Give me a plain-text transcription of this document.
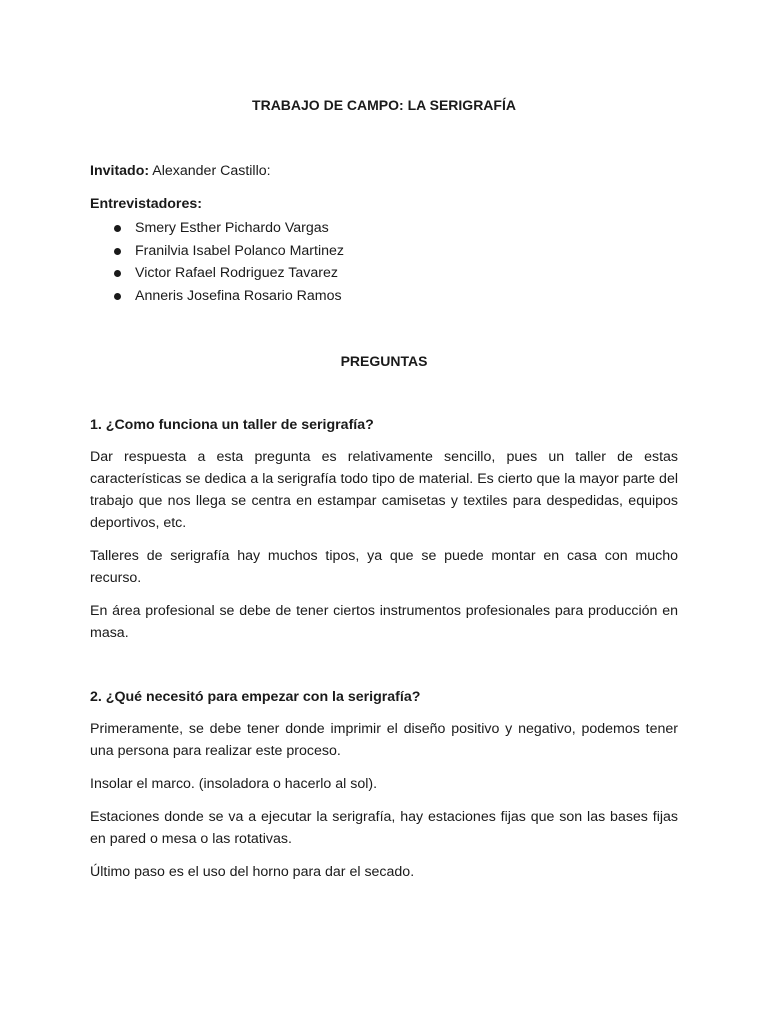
TRABAJO DE CAMPO: LA SERIGRAFÍA

Invitado: Alexander Castillo:

Entrevistadores:

Smery Esther Pichardo Vargas
Franilvia Isabel Polanco Martinez
Victor Rafael Rodriguez Tavarez
Anneris Josefina Rosario Ramos

PREGUNTAS

1. ¿Como funciona un taller de serigrafía?

Dar respuesta a esta pregunta es relativamente sencillo, pues un taller de estas características se dedica a la serigrafía todo tipo de material. Es cierto que la mayor parte del trabajo que nos llega se centra en estampar camisetas y textiles para despedidas, equipos deportivos, etc.

Talleres de serigrafía hay muchos tipos, ya que se puede montar en casa con mucho recurso.

En área profesional se debe de tener ciertos instrumentos profesionales para producción en masa.

2. ¿Qué necesitó para empezar con la serigrafía?

Primeramente, se debe tener donde imprimir el diseño positivo y negativo, podemos tener una persona para realizar este proceso.

Insolar el marco. (insoladora o hacerlo al sol).

Estaciones donde se va a ejecutar la serigrafía, hay estaciones fijas que son las bases fijas en pared o mesa o las rotativas.

Último paso es el uso del horno para dar el secado.
